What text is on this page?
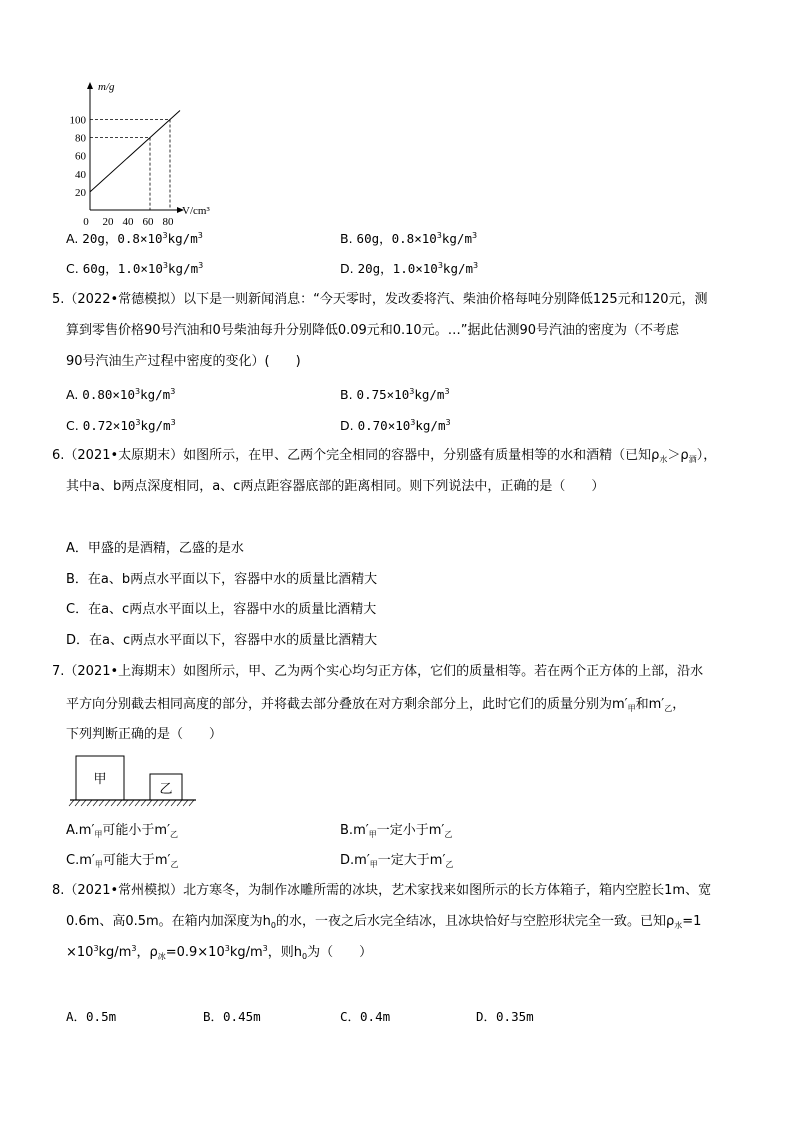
m/g
100
80
60
40
20
0 20 40 60 80
V/cm³
A. 20g，$0.8\times 10^3kg/m^3$	B. 60g，$0.8\times 10^3kg/m^3$
C. 60g，$1.0\times 10^3kg/m^3$	D. 20g，$1.0\times 10^3kg/m^3$
5.（2022•常德模拟）以下是一则新闻消息：“今天零时，发改委将汽、柴油价格每吨分别降低125元和120元，测
算到零售价格90号汽油和0号柴油每升分别降低0.09元和0.10元。…”据此估测90号汽油的密度为（不考虑
90号汽油生产过程中密度的变化）(　　)
A. $0.80\times 10^3kg/m^3$	B. $0.75\times 10^3kg/m^3$
C. $0.72\times 10^3kg/m^3$	D. $0.70\times 10^3kg/m^3$
6.（2021•太原期末）如图所示，在甲、乙两个完全相同的容器中，分别盛有质量相等的水和酒精（已知$\rho_水>\rho_酒$），
其中a、b两点深度相同，a、c两点距容器底部的距离相同。则下列说法中，正确的是（　　）
A．甲盛的是酒精，乙盛的是水
B．在a、b两点水平面以下，容器中水的质量比酒精大
C．在a、c两点水平面以上，容器中水的质量比酒精大
D．在a、c两点水平面以下，容器中水的质量比酒精大
7.（2021•上海期末）如图所示，甲、乙为两个实心均匀正方体，它们的质量相等。若在两个正方体的上部，沿水
平方向分别截去相同高度的部分，并将截去部分叠放在对方剩余部分上，此时它们的质量分别为$m'_甲$和$m'_乙$，
下列判断正确的是（　　）
甲
乙
$A.m'_甲$可能小于$m'_乙$	$B.m'_甲$一定小于$m'_乙$
$C.m'_甲$可能大于$m'_乙$	$D.m'_甲$一定大于$m'_乙$
8.（2021•常州模拟）北方寒冬，为制作冰雕所需的冰块，艺术家找来如图所示的长方体箱子，箱内空腔长1m、宽
0.6m、高0.5m。在箱内加深度为$h_0$的水，一夜之后水完全结冰，且冰块恰好与空腔形状完全一致。已知$\rho_水=1$
$\times 10^3kg/m^3$，$\rho_冰=0.9\times 10^3kg/m^3$，则$h_0$为（　　）
A．0.5m	B．0.45m	C．0.4m	D．0.35m
